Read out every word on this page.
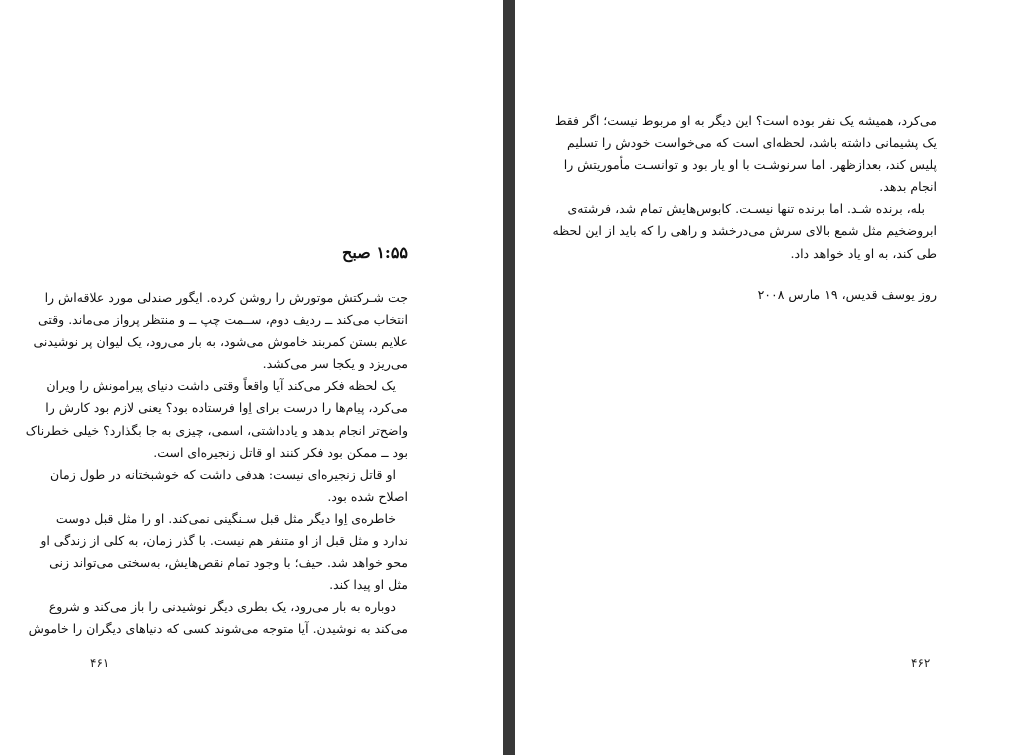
۱:۵۵ صبح
جت شـرکتش موتورش را روشن کرده. ایگور صندلی مورد علاقه‌اش را
انتخاب می‌کند ــ ردیف دوم، ســمت چپ ــ و منتظر پرواز می‌ماند. وقتی
علایم بستن کمربند خاموش می‌شود، به بار می‌رود، یک لیوان پر نوشیدنی
می‌ریزد و یکجا سر می‌کشد.
یک لحظه فکر می‌کند آیا واقعاً وقتی داشت دنیای پیرامونش را ویران
می‌کرد، پیام‌ها را درست برای اِوا فرستاده بود؟ یعنی لازم بود کارش را
واضح‌تر انجام بدهد و یادداشتی، اسمی، چیزی به جا بگذارد؟ خیلی خطرناک
بود ــ ممکن بود فکر کنند او قاتل زنجیره‌ای است.
او قاتل زنجیره‌ای نیست: هدفی داشت که خوشبختانه در طول زمان
اصلاح شده بود.
خاطره‌ی اِوا دیگر مثل قبل سـنگینی نمی‌کند. او را مثل قبل دوست
ندارد و مثل قبل از او متنفر هم نیست. با گذر زمان، به کلی از زندگی او
محو خواهد شد. حیف؛ با وجود تمام نقص‌هایش، به‌سختی می‌تواند زنی
مثل او پیدا کند.
دوباره به بار می‌رود، یک بطری دیگر نوشیدنی را باز می‌کند و شروع
می‌کند به نوشیدن. آیا متوجه می‌شوند کسی که دنیاهای دیگران را خاموش
۴۶۱
می‌کرد، همیشه یک نفر بوده است؟ این دیگر به او مربوط نیست؛ اگر فقط
یک پشیمانی داشته باشد، لحظه‌ای است که می‌خواست خودش را تسلیم
پلیس کند، بعدازظهر. اما سرنوشـت با او یار بود و توانسـت مأموریتش را
انجام بدهد.
بله، برنده شـد. اما برنده تنها نیسـت. کابوس‌هایش تمام شد، فرشته‌ی
ابروضخیم مثل شمع بالای سرش می‌درخشد و راهی را که باید از این لحظه
طی کند، به او یاد خواهد داد.
روز یوسف قدیس، ۱۹ مارس ۲۰۰۸
۴۶۲
